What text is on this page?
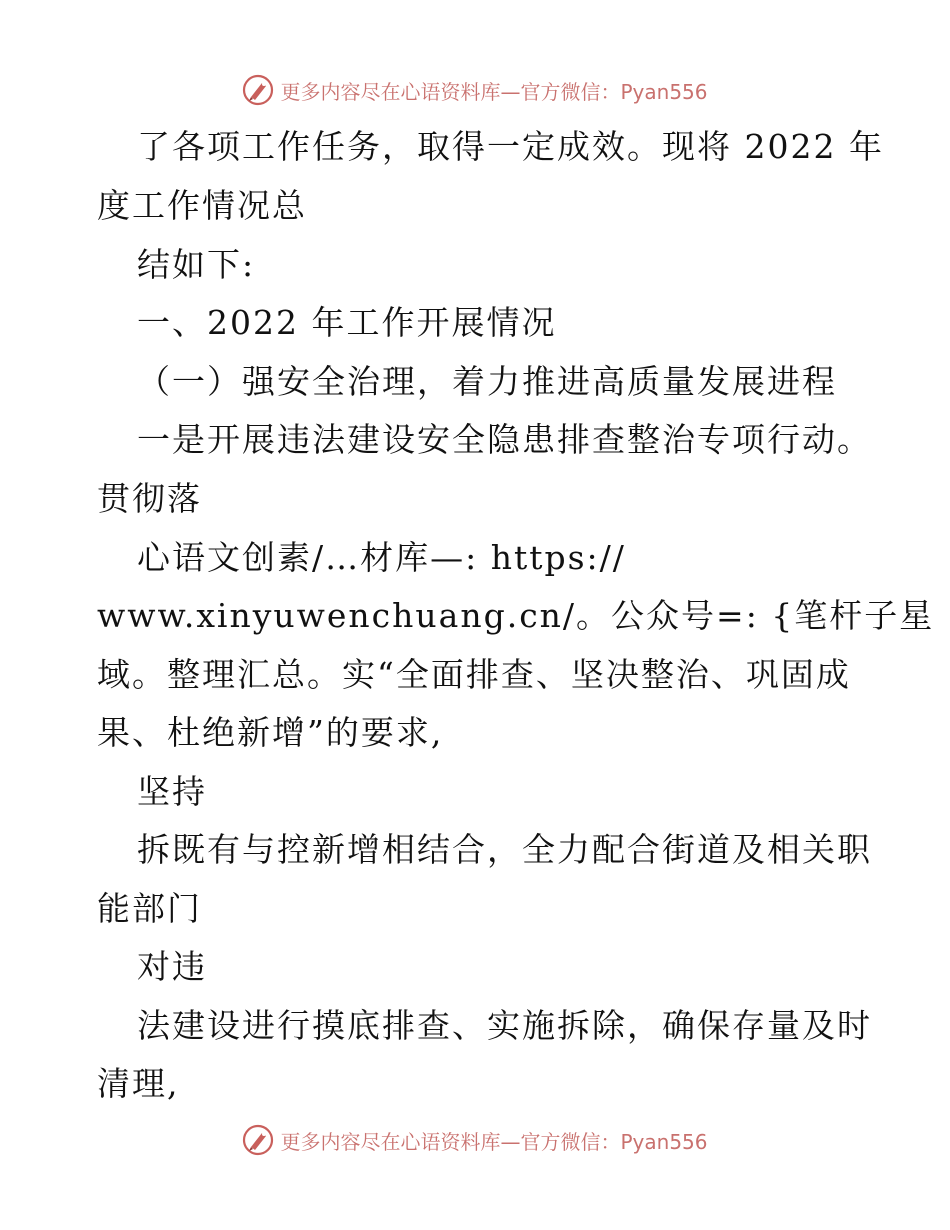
更多内容尽在心语资料库—官方微信：Pyan556
了各项工作任务，取得一定成效。现将 2022 年
度工作情况总
结如下:
一、2022 年工作开展情况
（一）强安全治理，着力推进高质量发展进程
一是开展违法建设安全隐患排查整治专项行动。
贯彻落
心语文创素/…材库—: https://
www.xinyuwenchuang.cn/。公众号=: {笔杆子星
域。整理汇总。实“全面排查、坚决整治、巩固成
果、杜绝新增”的要求,
坚持
拆既有与控新增相结合，全力配合街道及相关职
能部门
对违
法建设进行摸底排查、实施拆除，确保存量及时
清理,
更多内容尽在心语资料库—官方微信：Pyan556
